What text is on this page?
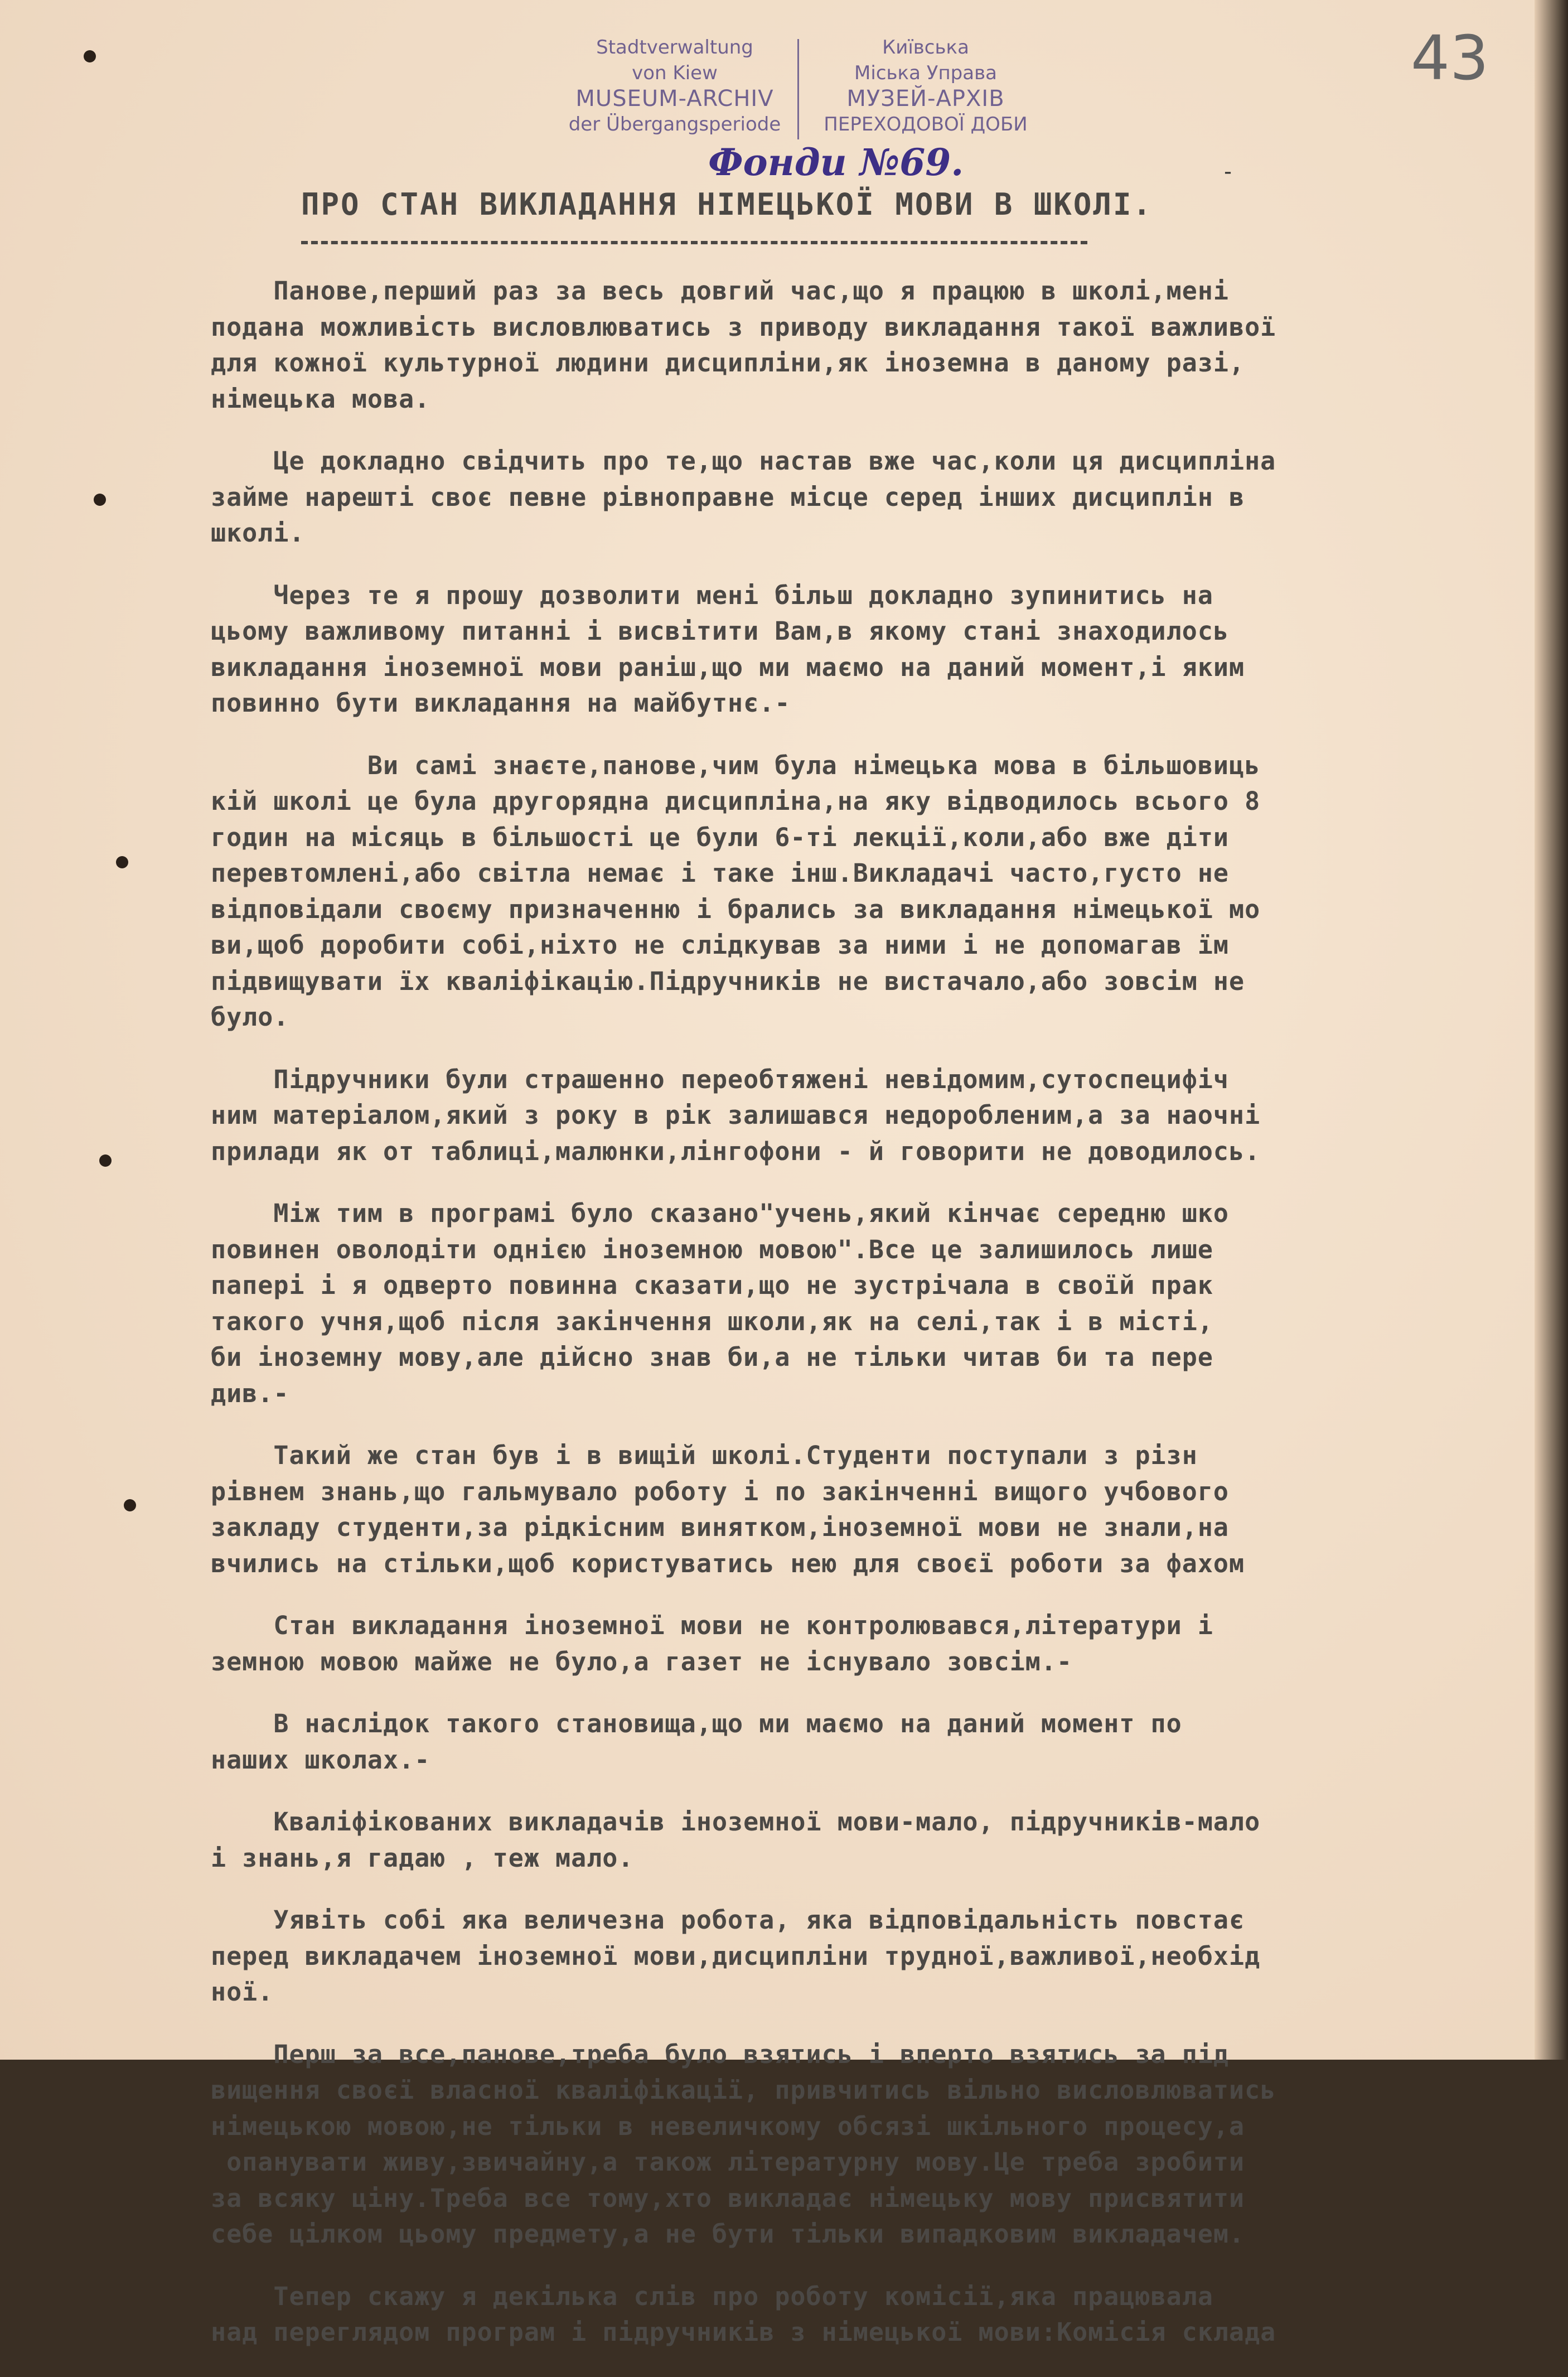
Stadtverwaltung
von Kiew
MUSEUM-ARCHIV
der Übergangsperiode
Київська
Міська Управа
МУЗЕЙ-АРХІВ
ПЕРЕХОДОВОЇ ДОБИ
43
Фонди №69.	-
ПРО СТАН ВИКЛАДАННЯ НІМЕЦЬКОЇ МОВИ В ШКОЛІ.
Панове,перший раз за весь довгий час,що я працюю в школі,мені
подана можливість висловлюватись з приводу викладання такої важливої
для кожної культурної людини дисципліни,як іноземна в даному разі,
німецька мова.
Це докладно свідчить про те,що настав вже час,коли ця дисципліна
займе нарешті своє певне рівноправне місце серед інших дисциплін в
школі.
Через те я прошу дозволити мені більш докладно зупинитись на
цьому важливому питанні і висвітити Вам,в якому стані знаходилось
викладання іноземної мови раніш,що ми маємо на даний момент,і яким
повинно бути викладання на майбутнє.-
Ви самі знаєте,панове,чим була німецька мова в більшовиць
кій школі це була другорядна дисципліна,на яку відводилось всього 8
годин на місяць в більшості це були 6-ті лекції,коли,або вже діти
перевтомлені,або світла немає і таке інш.Викладачі часто,густо не
відповідали своєму призначенню і брались за викладання німецької мо
ви,щоб доробити собі,ніхто не слідкував за ними і не допомагав їм
підвищувати їх кваліфікацію.Підручників не вистачало,або зовсім не
було.
Підручники були страшенно переобтяжені невідомим,сутоспецифіч
ним матеріалом,який з року в рік залишався недоробленим,а за наочні
прилади як от таблиці,малюнки,лінгофони - й говорити не доводилось.
Між тим в програмі було сказано"учень,який кінчає середню шко
повинен оволодіти однією іноземною мовою".Все це залишилось лише
папері і я одверто повинна сказати,що не зустрічала в своїй прак
такого учня,щоб після закінчення школи,як на селі,так і в місті,
би іноземну мову,але дійсно знав би,а не тільки читав би та пере
див.-
Такий же стан був і в вищій школі.Студенти поступали з різн
рівнем знань,що гальмувало роботу і по закінченні вищого учбового
закладу студенти,за рідкісним винятком,іноземної мови не знали,на
вчились на стільки,щоб користуватись нею для своєї роботи за фахом
Стан викладання іноземної мови не контролювався,літератури і
земною мовою майже не було,а газет не існувало зовсім.-
В наслідок такого становища,що ми маємо на даний момент по
наших школах.-
Кваліфікованих викладачів іноземної мови-мало, підручників-мало
і знань,я гадаю , теж мало.
Уявіть собі яка величезна робота, яка відповідальність повстає
перед викладачем іноземної мови,дисципліни трудної,важливої,необхід
ної.
Перш за все,панове,треба було взятись і вперто взятись за під
вищення своєї власної кваліфікації, привчитись вільно висловлюватись
німецькою мовою,не тільки в невеличкому обсязі шкільного процесу,а
опанувати живу,звичайну,а також літературну мову.Це треба зробити
за всяку ціну.Треба все тому,хто викладає німецьку мову присвятити
себе цілком цьому предмету,а не бути тільки випадковим викладачем.
Тепер скажу я декілька слів про роботу комісії,яка працювала
над переглядом програм і підручників з німецької мови:Комісія склада
